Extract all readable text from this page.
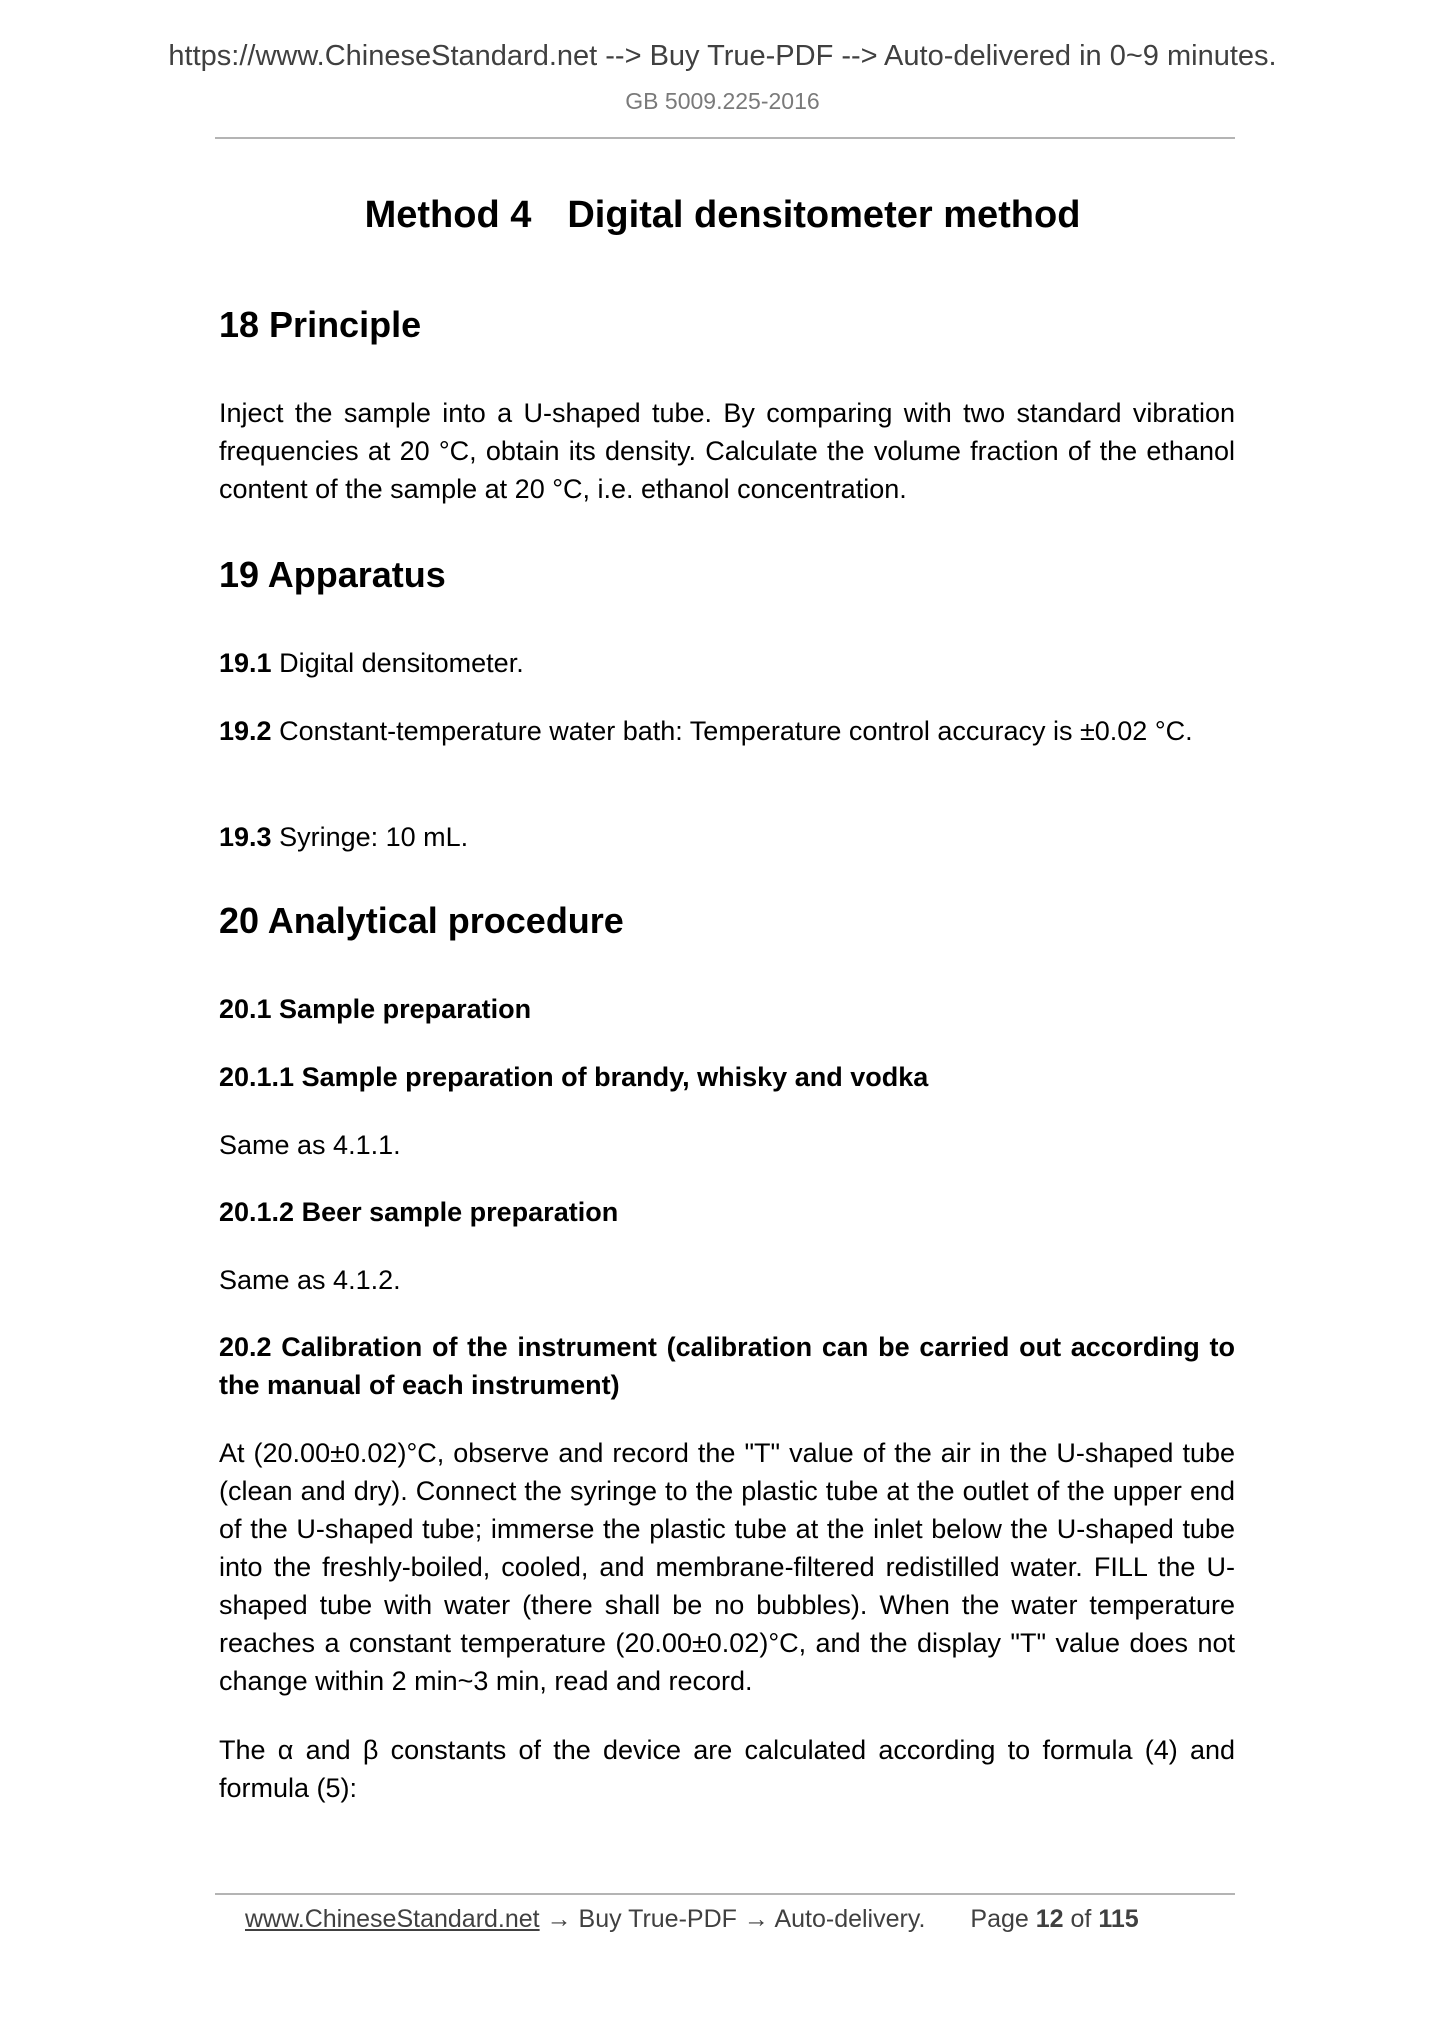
https://www.ChineseStandard.net --> Buy True-PDF --> Auto-delivered in 0~9 minutes.
GB 5009.225-2016
Method 4 Digital densitometer method
18 Principle
Inject the sample into a U-shaped tube. By comparing with two standard vibration frequencies at 20 °C, obtain its density. Calculate the volume fraction of the ethanol content of the sample at 20 °C, i.e. ethanol concentration.
19 Apparatus
19.1 Digital densitometer.
19.2 Constant-temperature water bath: Temperature control accuracy is ±0.02 °C.
19.3 Syringe: 10 mL.
20 Analytical procedure
20.1 Sample preparation
20.1.1 Sample preparation of brandy, whisky and vodka
Same as 4.1.1.
20.1.2 Beer sample preparation
Same as 4.1.2.
20.2 Calibration of the instrument (calibration can be carried out according to the manual of each instrument)
At (20.00±0.02)°C, observe and record the "T" value of the air in the U-shaped tube (clean and dry). Connect the syringe to the plastic tube at the outlet of the upper end of the U-shaped tube; immerse the plastic tube at the inlet below the U-shaped tube into the freshly-boiled, cooled, and membrane-filtered redistilled water. FILL the U-shaped tube with water (there shall be no bubbles). When the water temperature reaches a constant temperature (20.00±0.02)°C, and the display "T" value does not change within 2 min~3 min, read and record.
The α and β constants of the device are calculated according to formula (4) and formula (5):
www.ChineseStandard.net → Buy True-PDF → Auto-delivery. Page 12 of 115
